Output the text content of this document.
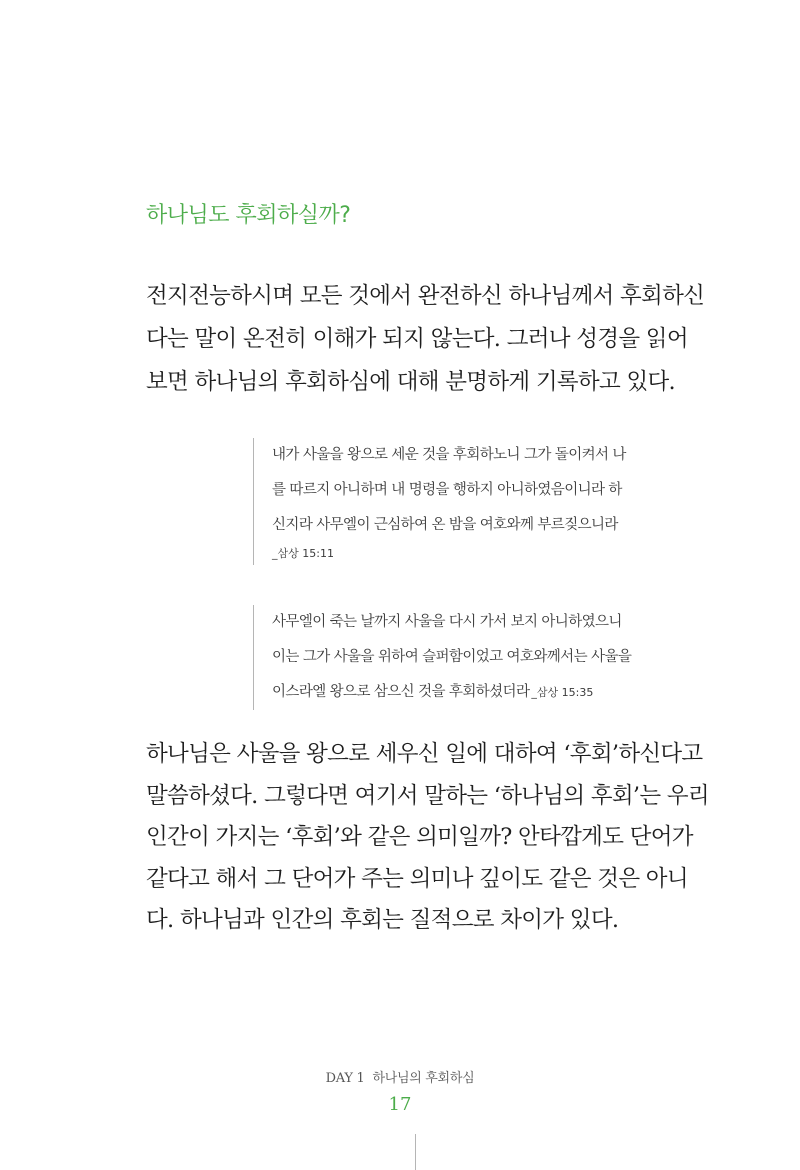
하나님도 후회하실까?

전지전능하시며 모든 것에서 완전하신 하나님께서 후회하신
다는 말이 온전히 이해가 되지 않는다. 그러나 성경을 읽어
보면 하나님의 후회하심에 대해 분명하게 기록하고 있다.

내가 사울을 왕으로 세운 것을 후회하노니 그가 돌이켜서 나
를 따르지 아니하며 내 명령을 행하지 아니하였음이니라 하
신지라 사무엘이 근심하여 온 밤을 여호와께 부르짖으니라
_삼상 15:11
사무엘이 죽는 날까지 사울을 다시 가서 보지 아니하였으니
이는 그가 사울을 위하여 슬퍼함이었고 여호와께서는 사울을
이스라엘 왕으로 삼으신 것을 후회하셨더라 _삼상 15:35

하나님은 사울을 왕으로 세우신 일에 대하여 ‘후회’하신다고
말씀하셨다. 그렇다면 여기서 말하는 ‘하나님의 후회’는 우리
인간이 가지는 ‘후회’와 같은 의미일까? 안타깝게도 단어가
같다고 해서 그 단어가 주는 의미나 깊이도 같은 것은 아니
다. 하나님과 인간의 후회는 질적으로 차이가 있다.

DAY 1 하나님의 후회하심
17
